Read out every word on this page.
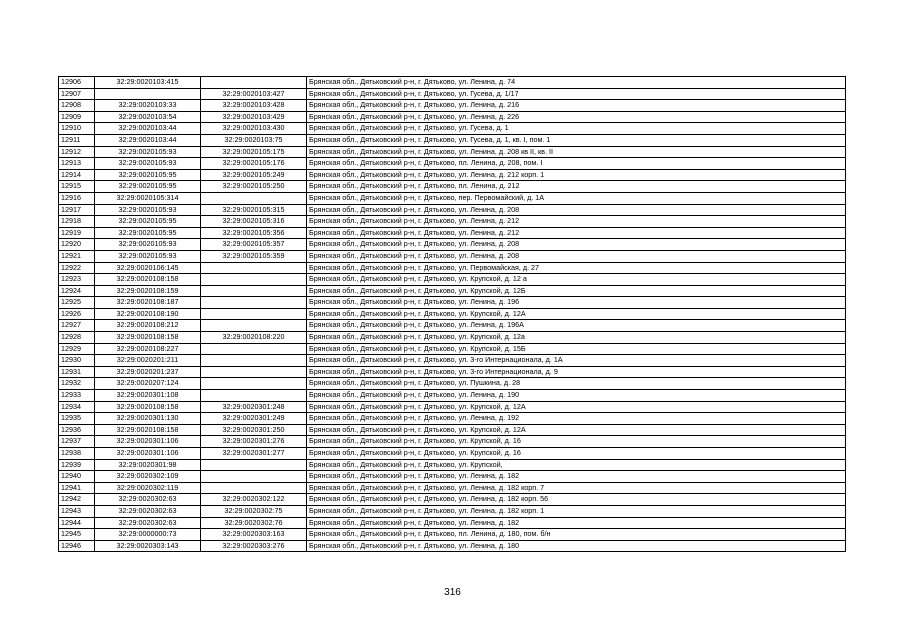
12906	32:29:0020103:415		Брянская обл., Дятьковский р-н, г. Дятьково, ул. Ленина, д. 74
12907		32:29:0020103:427	Брянская обл., Дятьковский р-н, г. Дятьково, ул. Гусева, д. 1/17
12908	32:29:0020103:33	32:29:0020103:428	Брянская обл., Дятьковский р-н, г. Дятьково, ул. Ленина, д. 216
12909	32:29:0020103:54	32:29:0020103:429	Брянская обл., Дятьковский р-н, г. Дятьково, ул. Ленина, д. 226
12910	32:29:0020103:44	32:29:0020103:430	Брянская обл., Дятьковский р-н, г. Дятьково, ул. Гусева, д. 1
12911	32:29:0020103:44	32:29:0020103:75	Брянская обл., Дятьковский р-н, г. Дятьково, ул. Гусева, д. 1, кв. I, пом. 1
12912	32:29:0020105:93	32:29:0020105:175	Брянская обл., Дятьковский р-н, г. Дятьково, ул. Ленина, д. 208 кв II, кв. II
12913	32:29:0020105:93	32:29:0020105:176	Брянская обл., Дятьковский р-н, г. Дятьково, пл. Ленина, д. 208, пом. I
12914	32:29:0020105:95	32:29:0020105:249	Брянская обл., Дятьковский р-н, г. Дятьково, ул. Ленина, д. 212 корп. 1
12915	32:29:0020105:95	32:29:0020105:250	Брянская обл., Дятьковский р-н, г. Дятьково, пл. Ленина, д. 212
12916	32:29:0020105:314		Брянская обл., Дятьковский р-н, г. Дятьково, пер. Первомайский, д. 1А
12917	32:29:0020105:93	32:29:0020105:315	Брянская обл., Дятьковский р-н, г. Дятьково, ул. Ленина, д. 208
12918	32:29:0020105:95	32:29:0020105:316	Брянская обл., Дятьковский р-н, г. Дятьково, ул. Ленина, д. 212
12919	32:29:0020105:95	32:29:0020105:356	Брянская обл., Дятьковский р-н, г. Дятьково, ул. Ленина, д. 212
12920	32:29:0020105:93	32:29:0020105:357	Брянская обл., Дятьковский р-н, г. Дятьково, ул. Ленина, д. 208
12921	32:29:0020105:93	32:29:0020105:359	Брянская обл., Дятьковский р-н, г. Дятьково, ул. Ленина, д. 208
12922	32:29:0020106:145		Брянская обл., Дятьковский р-н, г. Дятьково, ул. Первомайская, д. 27
12923	32:29:0020108:158		Брянская обл., Дятьковский р-н, г. Дятьково, ул. Крупской, д. 12 а
12924	32:29:0020108:159		Брянская обл., Дятьковский р-н, г. Дятьково, ул. Крупской, д. 12Б
12925	32:29:0020108:187		Брянская обл., Дятьковский р-н, г. Дятьково, ул. Ленина, д. 196
12926	32:29:0020108:190		Брянская обл., Дятьковский р-н, г. Дятьково, ул. Крупской, д. 12А
12927	32:29:0020108:212		Брянская обл., Дятьковский р-н, г. Дятьково, ул. Ленина, д. 196А
12928	32:29:0020108:158	32:29:0020108:220	Брянская обл., Дятьковский р-н, г. Дятьково, ул. Крупской, д. 12а
12929	32:29:0020108:227		Брянская обл., Дятьковский р-н, г. Дятьково, ул. Крупской, д. 15Б
12930	32:29:0020201:211		Брянская обл., Дятьковский р-н, г. Дятьково, ул. 3-го Интернационала, д. 1А
12931	32:29:0020201:237		Брянская обл., Дятьковский р-н, г. Дятьково, ул. 3-го Интернационала, д. 9
12932	32:29:0020207:124		Брянская обл., Дятьковский р-н, г. Дятьково, ул. Пушкина, д. 28
12933	32:29:0020301:108		Брянская обл., Дятьковский р-н, г. Дятьково, ул. Ленина, д. 190
12934	32:29:0020108:158	32:29:0020301:248	Брянская обл., Дятьковский р-н, г. Дятьково, ул. Крупской, д. 12А
12935	32:29:0020301:130	32:29:0020301:249	Брянская обл., Дятьковский р-н, г. Дятьково, ул. Ленина, д. 192
12936	32:29:0020108:158	32:29:0020301:250	Брянская обл., Дятьковский р-н, г. Дятьково, ул. Крупской, д. 12А
12937	32:29:0020301:106	32:29:0020301:276	Брянская обл., Дятьковский р-н, г. Дятьково, ул. Крупской, д. 16
12938	32:29:0020301:106	32:29:0020301:277	Брянская обл., Дятьковский р-н, г. Дятьково, ул. Крупской, д. 16
12939	32:29:0020301:98		Брянская обл., Дятьковский р-н, г. Дятьково, ул. Крупской,
12940	32:29:0020302:109		Брянская обл., Дятьковский р-н, г. Дятьково, ул. Ленина, д. 182
12941	32:29:0020302:119		Брянская обл., Дятьковский р-н, г. Дятьково, ул. Ленина, д. 182 корп. 7
12942	32:29:0020302:63	32:29:0020302:122	Брянская обл., Дятьковский р-н, г. Дятьково, ул. Ленина, д. 182 корп. 56
12943	32:29:0020302:63	32:29:0020302:75	Брянская обл., Дятьковский р-н, г. Дятьково, ул. Ленина, д. 182 корп. 1
12944	32:29:0020302:63	32:29:0020302:76	Брянская обл., Дятьковский р-н, г. Дятьково, ул. Ленина, д. 182
12945	32:29:0000000:73	32:29:0020303:163	Брянская обл., Дятьковский р-н, г. Дятьково, пл. Ленина, д. 180, пом. б/н
12946	32:29:0020303:143	32:29:0020303:276	Брянская обл., Дятьковский р-н, г. Дятьково, ул. Ленина, д. 180
316
